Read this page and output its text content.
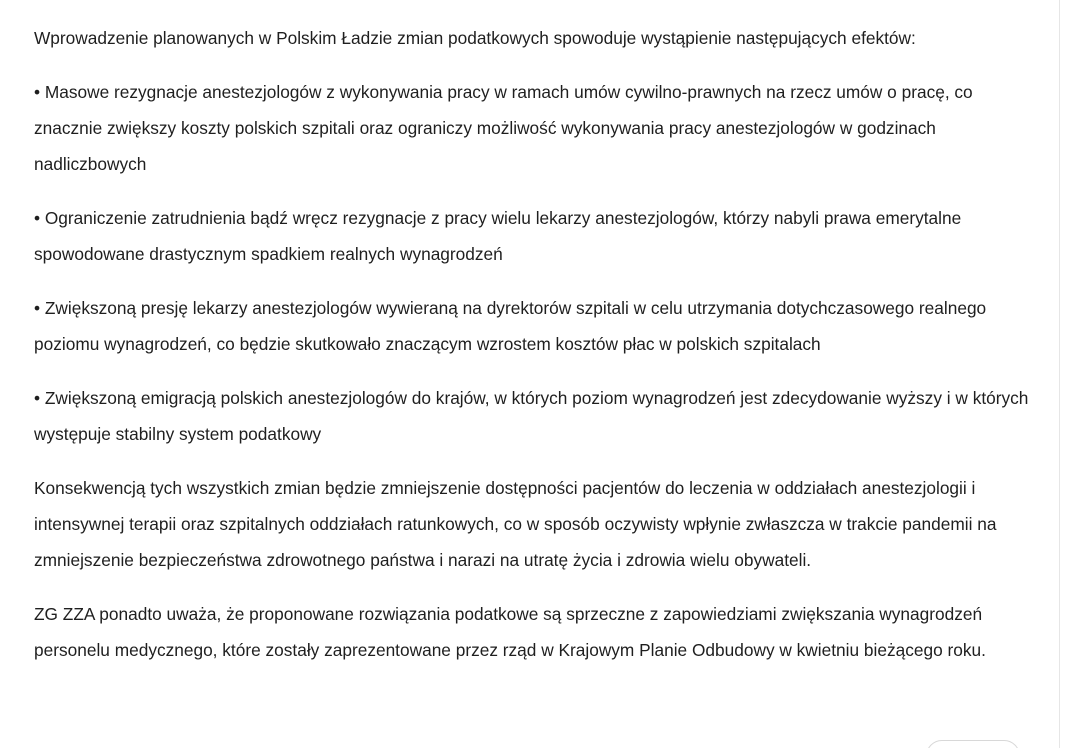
Wprowadzenie planowanych w Polskim Ładzie zmian podatkowych spowoduje wystąpienie następujących efektów:

• Masowe rezygnacje anestezjologów z wykonywania pracy w ramach umów cywilno-prawnych na rzecz umów o pracę, co znacznie zwiększy koszty polskich szpitali oraz ograniczy możliwość wykonywania pracy anestezjologów w godzinach nadliczbowych

• Ograniczenie zatrudnienia bądź wręcz rezygnacje z pracy wielu lekarzy anestezjologów, którzy nabyli prawa emerytalne spowodowane drastycznym spadkiem realnych wynagrodzeń

• Zwiększoną presję lekarzy anestezjologów wywieraną na dyrektorów szpitali w celu utrzymania dotychczasowego realnego poziomu wynagrodzeń, co będzie skutkowało znaczącym wzrostem kosztów płac w polskich szpitalach

• Zwiększoną emigracją polskich anestezjologów do krajów, w których poziom wynagrodzeń jest zdecydowanie wyższy i w których występuje stabilny system podatkowy

Konsekwencją tych wszystkich zmian będzie zmniejszenie dostępności pacjentów do leczenia w oddziałach anestezjologii i intensywnej terapii oraz szpitalnych oddziałach ratunkowych, co w sposób oczywisty wpłynie zwłaszcza w trakcie pandemii na zmniejszenie bezpieczeństwa zdrowotnego państwa i narazi na utratę życia i zdrowia wielu obywateli.

ZG ZZA ponadto uważa, że proponowane rozwiązania podatkowe są sprzeczne z zapowiedziami zwiększania wynagrodzeń personelu medycznego, które zostały zaprezentowane przez rząd w Krajowym Planie Odbudowy w kwietniu bieżącego roku.
